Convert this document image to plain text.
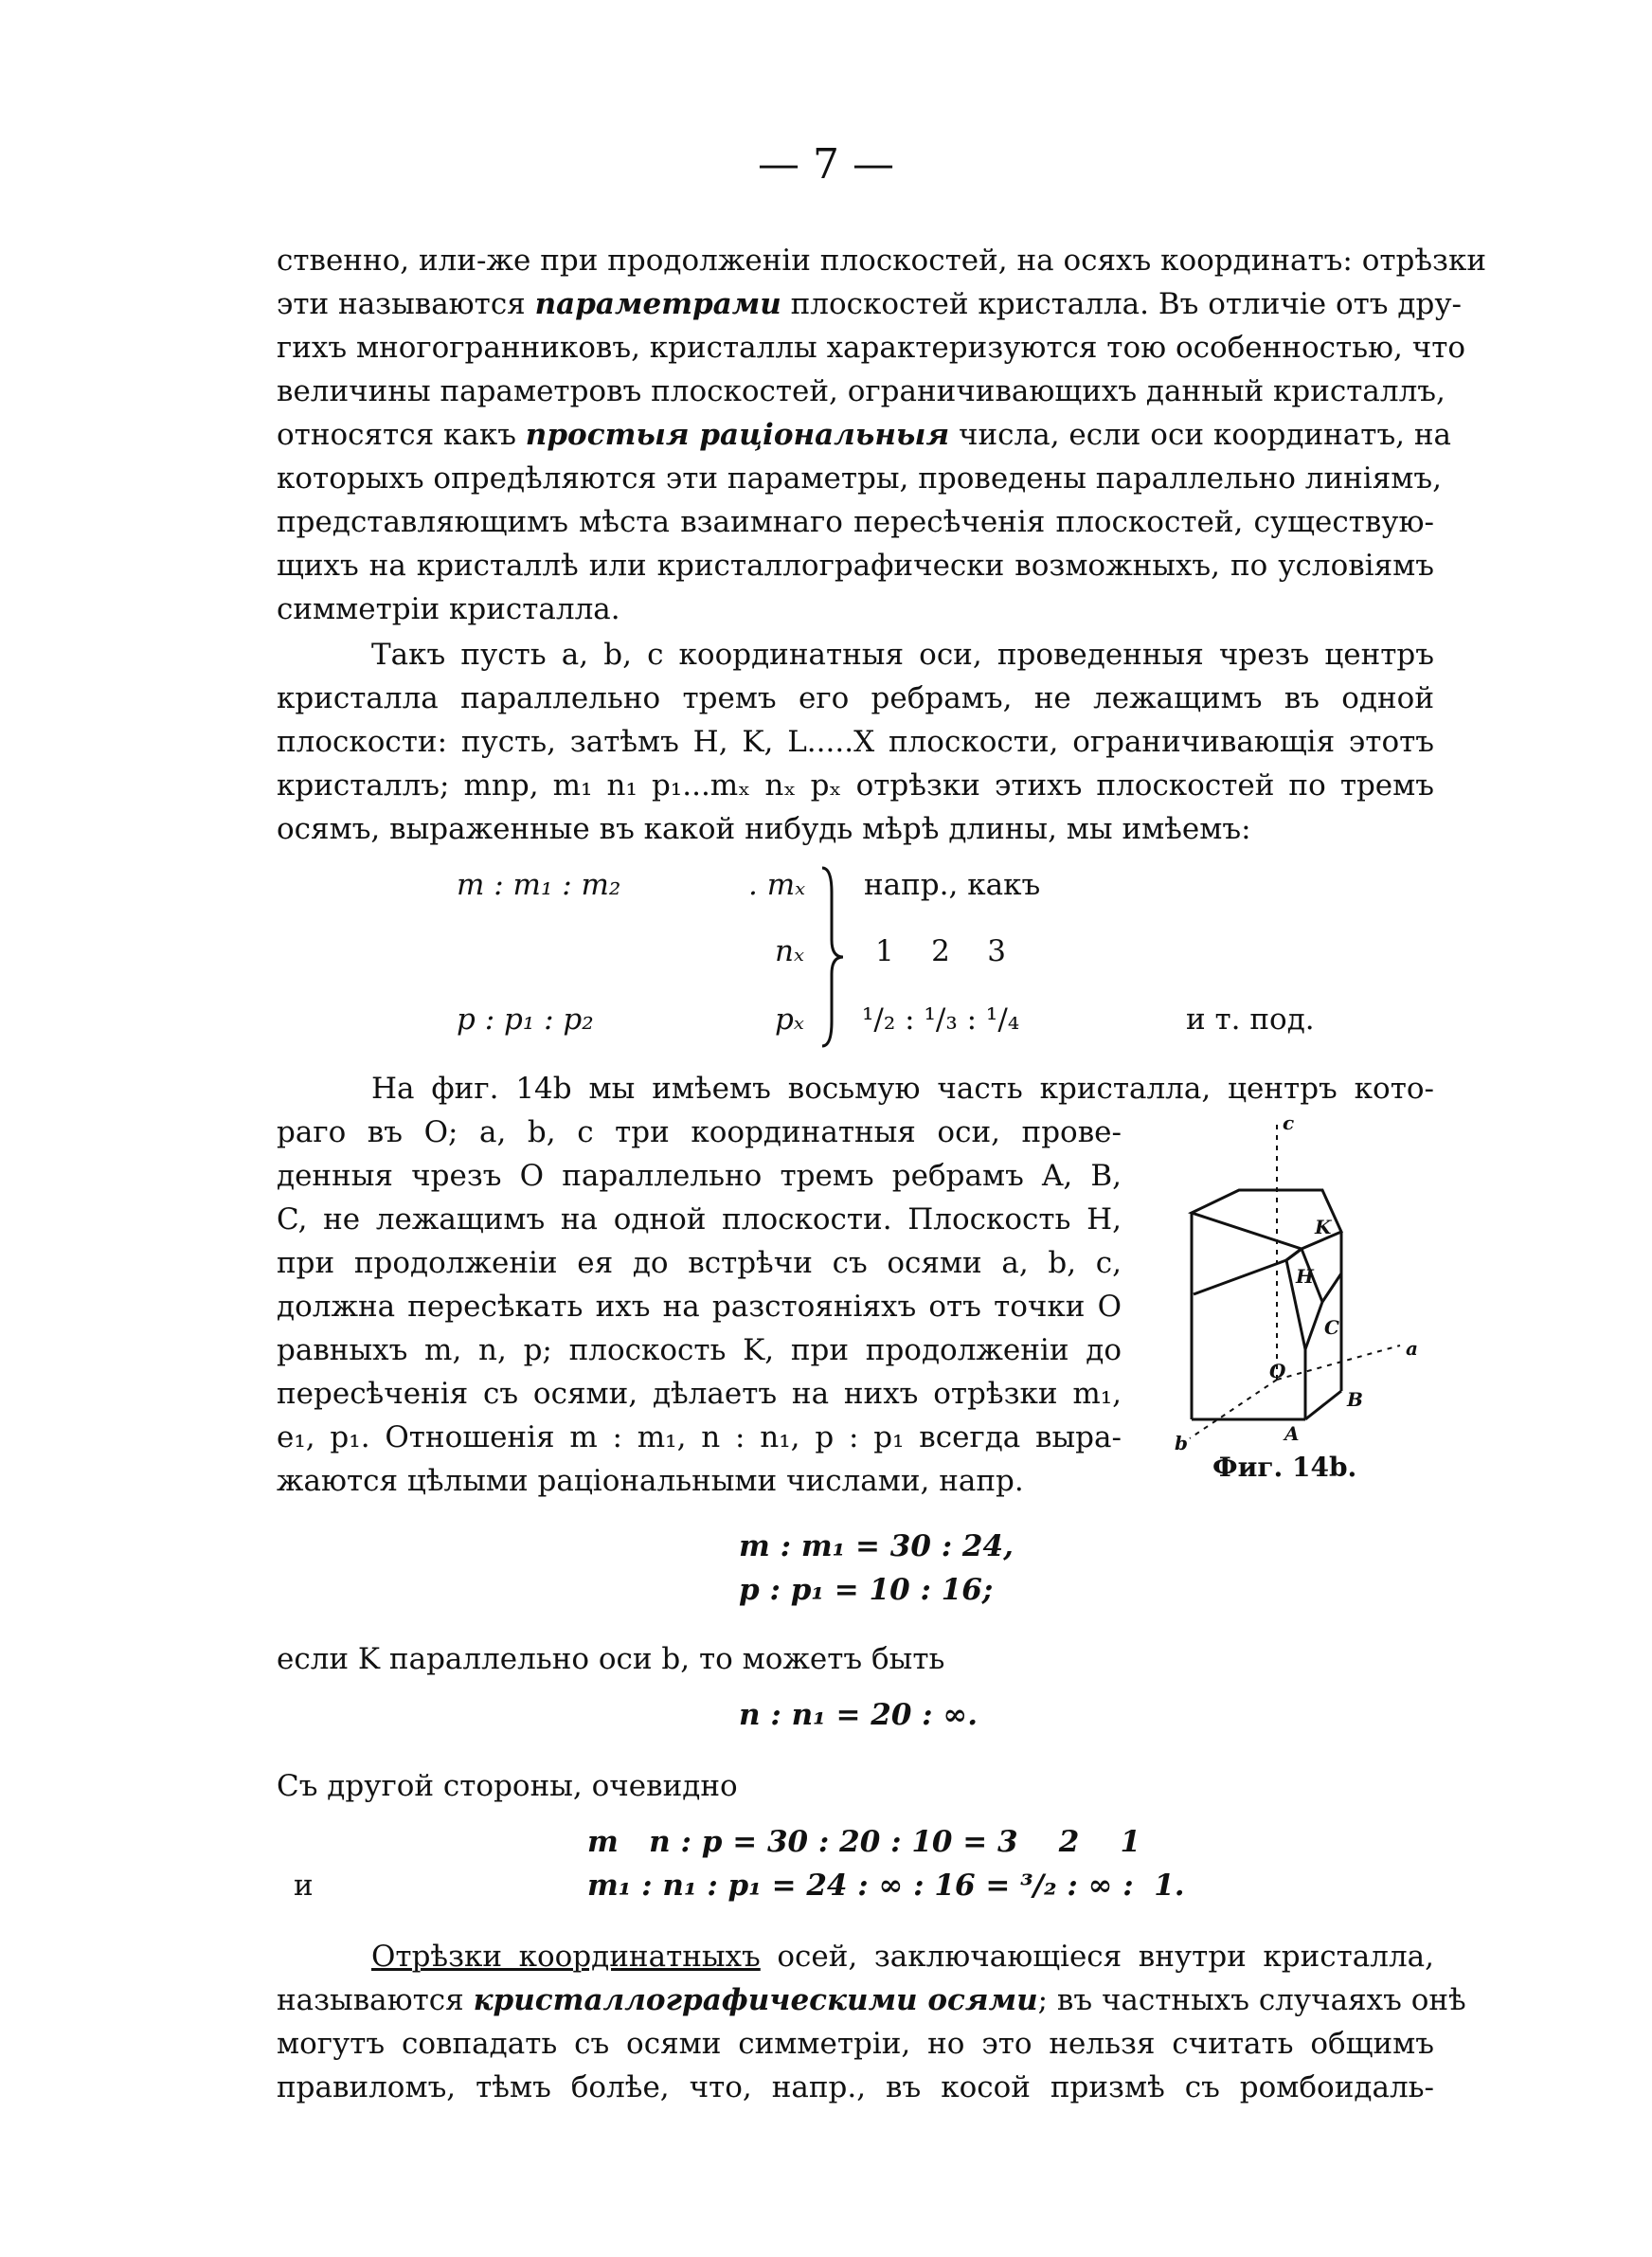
— 7 —
ственно, или-же при продолженіи плоскостей, на осяхъ координатъ: отрѣзки
эти называются параметрами плоскостей кристалла. Въ отличіе отъ дру-
гихъ многогранниковъ, кристаллы характеризуются тою особенностью, что
величины параметровъ плоскостей, ограничивающихъ данный кристаллъ,
относятся какъ простыя раціональныя числа, если оси координатъ, на
которыхъ опредѣляются эти параметры, проведены параллельно линіямъ,
представляющимъ мѣста взаимнаго пересѣченія плоскостей, существую-
щихъ на кристаллѣ или кристаллографически возможныхъ, по условіямъ
симметріи кристалла.
Такъ пусть a, b, c координатныя оси, проведенныя чрезъ центръ
кристалла параллельно тремъ его ребрамъ, не лежащимъ въ одной
плоскости: пусть, затѣмъ H, K, L.....X плоскости, ограничивающія этотъ
кристаллъ; mnp, m₁ n₁ p₁...mₓ nₓ pₓ отрѣзки этихъ плоскостей по тремъ
осямъ, выраженные въ какой нибудь мѣрѣ длины, мы имѣемъ:
m : m₁ : m₂
p : p₁ : p₂
. mₓ
nₓ
pₓ
напр., какъ
1    2    3
¹/₂ : ¹/₃ : ¹/₄	и т. под.
На фиг. 14b мы имѣемъ восьмую часть кристалла, центръ кото-
раго въ O; a, b, c три координатныя оси, прове-
денныя чрезъ O параллельно тремъ ребрамъ A, B,
C, не лежащимъ на одной плоскости. Плоскость H,
при продолженіи ея до встрѣчи съ осями a, b, c,
должна пересѣкать ихъ на разстояніяхъ отъ точки O
равныхъ m, n, p; плоскость K, при продолженіи до
пересѣченія съ осями, дѣлаетъ на нихъ отрѣзки m₁,
e₁, p₁. Отношенія m : m₁, n : n₁, p : p₁ всегда выра-
жаются цѣлыми раціональными числами, напр.
c
a
b
O
A
B
C
H
K
Фиг. 14b.
m : m₁ = 30 : 24,
p : p₁ = 10 : 16;
если K параллельно оси b, то можетъ быть
n : n₁ = 20 : ∞.
Съ другой стороны, очевидно
m   n : p = 30 : 20 : 10 = 3    2    1
и	m₁ : n₁ : p₁ = 24 : ∞ : 16 = ³/₂ : ∞ :  1.
Отрѣзки координатныхъ осей, заключающіеся внутри кристалла,
называются кристаллографическими осями; въ частныхъ случаяхъ онѣ
могутъ совпадать съ осями симметріи, но это нельзя считать общимъ
правиломъ, тѣмъ болѣе, что, напр., въ косой призмѣ съ ромбоидаль-
